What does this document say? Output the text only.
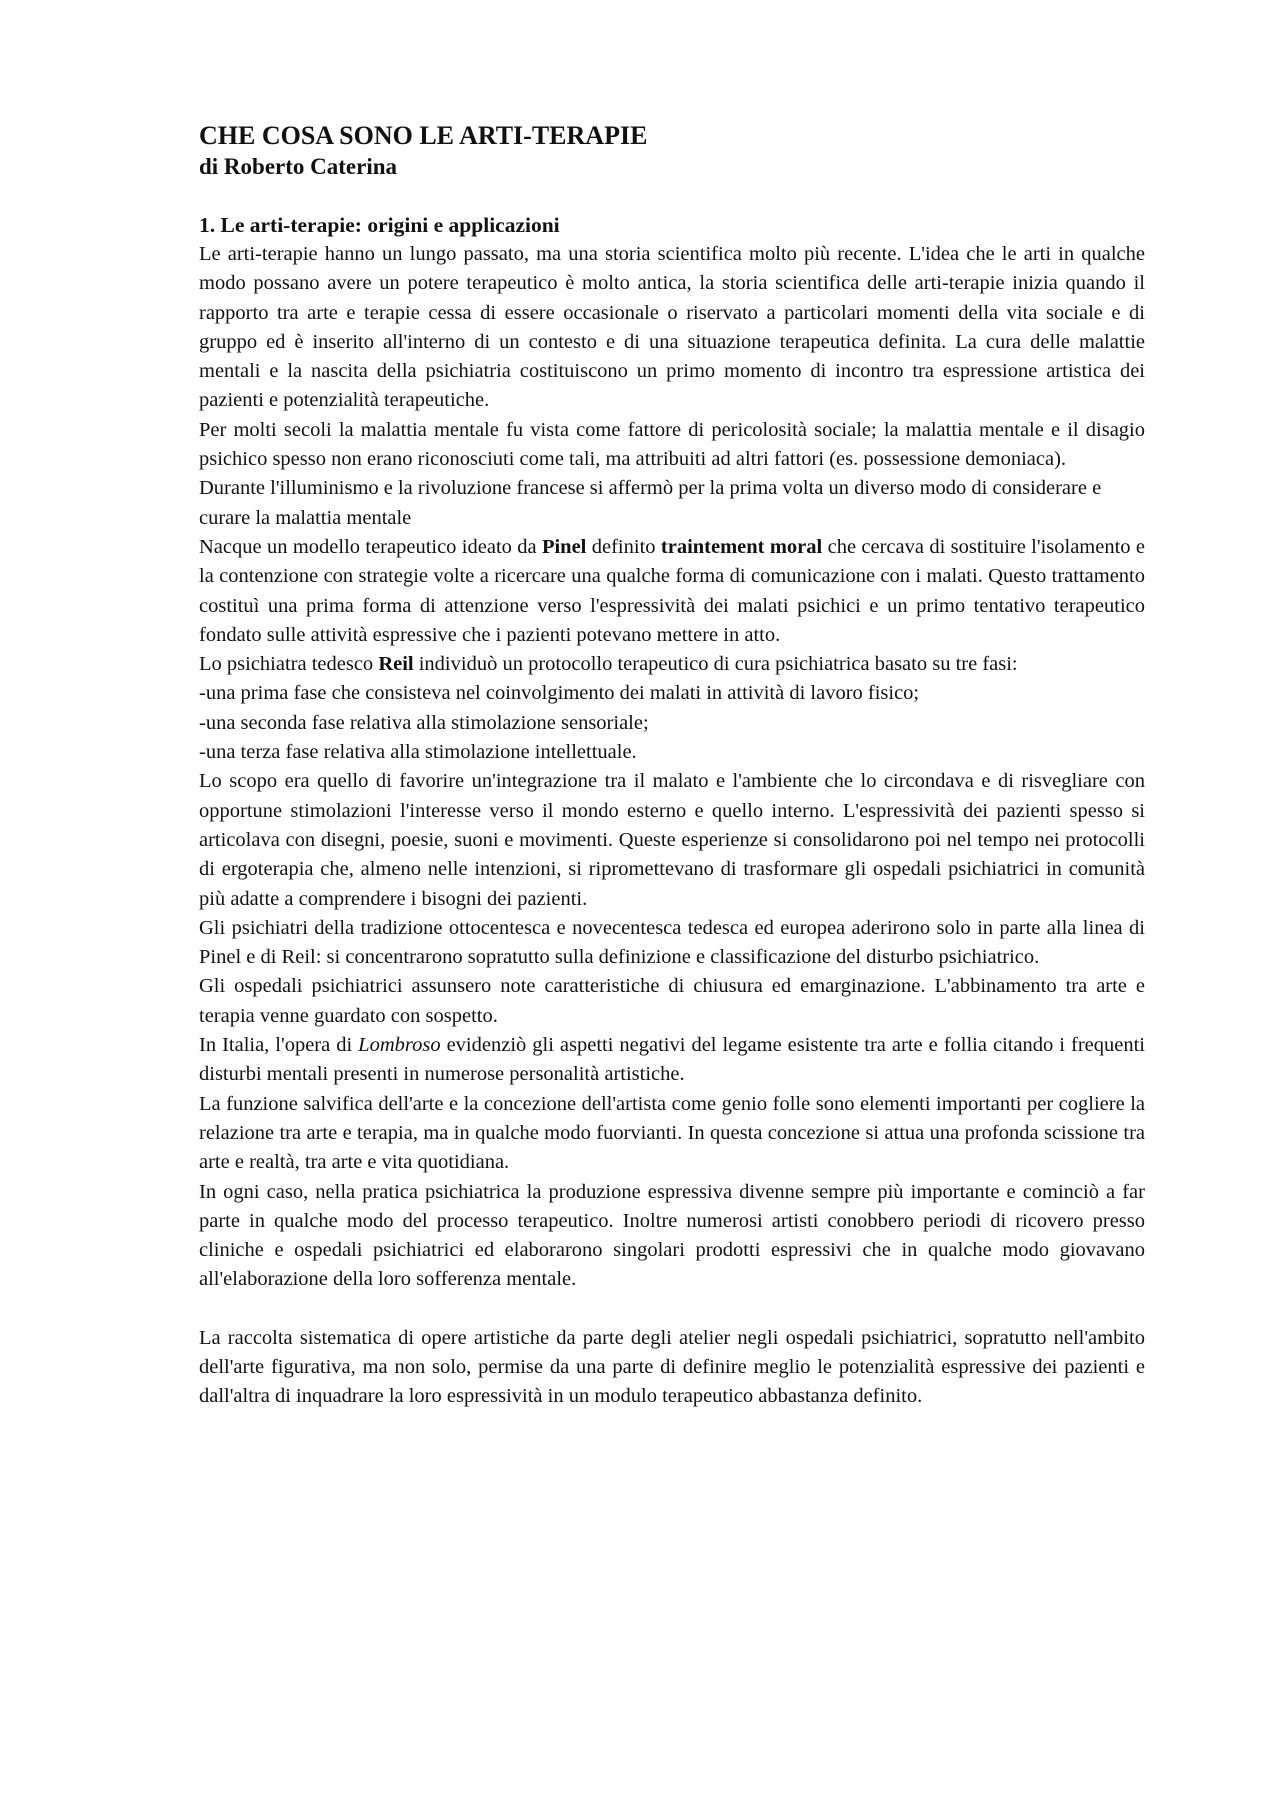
CHE COSA SONO LE ARTI-TERAPIE
di Roberto Caterina
1. Le arti-terapie: origini e applicazioni

Le arti-terapie hanno un lungo passato, ma una storia scientifica molto più recente. L'idea che le arti in qualche modo possano avere un potere terapeutico è molto antica, la storia scientifica delle arti-terapie inizia quando il rapporto tra arte e terapie cessa di essere occasionale o riservato a particolari momenti della vita sociale e di gruppo ed è inserito all'interno di un contesto e di una situazione terapeutica definita. La cura delle malattie mentali e la nascita della psichiatria costituiscono un primo momento di incontro tra espressione artistica dei pazienti e potenzialità terapeutiche.

Per molti secoli la malattia mentale fu vista come fattore di pericolosità sociale; la malattia mentale e il disagio psichico spesso non erano riconosciuti come tali, ma attribuiti ad altri fattori (es. possessione demoniaca).

Durante l'illuminismo e la rivoluzione francese si affermò per la prima volta un diverso modo di considerare e curare la malattia mentale

Nacque un modello terapeutico ideato da Pinel definito traintement moral che cercava di sostituire l'isolamento e la contenzione con strategie volte a ricercare una qualche forma di comunicazione con i malati. Questo trattamento costituì una prima forma di attenzione verso l'espressività dei malati psichici e un primo tentativo terapeutico fondato sulle attività espressive che i pazienti potevano mettere in atto.

Lo psichiatra tedesco Reil individuò un protocollo terapeutico di cura psichiatrica basato su tre fasi:

-una prima fase che consisteva nel coinvolgimento dei malati in attività di lavoro fisico;

-una seconda fase relativa alla stimolazione sensoriale;

-una terza fase relativa alla stimolazione intellettuale.

Lo scopo era quello di favorire un'integrazione tra il malato e l'ambiente che lo circondava e di risvegliare con opportune stimolazioni l'interesse verso il mondo esterno e quello interno. L'espressività dei pazienti spesso si articolava con disegni, poesie, suoni e movimenti. Queste esperienze si consolidarono poi nel tempo nei protocolli di ergoterapia che, almeno nelle intenzioni, si ripromettevano di trasformare gli ospedali psichiatrici in comunità più adatte a comprendere i bisogni dei pazienti.

Gli psichiatri della tradizione ottocentesca e novecentesca tedesca ed europea aderirono solo in parte alla linea di Pinel e di Reil: si concentrarono sopratutto sulla definizione e classificazione del disturbo psichiatrico.

Gli ospedali psichiatrici assunsero note caratteristiche di chiusura ed emarginazione. L'abbinamento tra arte e terapia venne guardato con sospetto.

In Italia, l'opera di Lombroso evidenziò gli aspetti negativi del legame esistente tra arte e follia citando i frequenti disturbi mentali presenti in numerose personalità artistiche.

La funzione salvifica dell'arte e la concezione dell'artista come genio folle sono elementi importanti per cogliere la relazione tra arte e terapia, ma in qualche modo fuorvianti. In questa concezione si attua una profonda scissione tra arte e realtà, tra arte e vita quotidiana.

In ogni caso, nella pratica psichiatrica la produzione espressiva divenne sempre più importante e cominciò a far parte in qualche modo del processo terapeutico. Inoltre numerosi artisti conobbero periodi di ricovero presso cliniche e ospedali psichiatrici ed elaborarono singolari prodotti espressivi che in qualche modo giovavano all'elaborazione della loro sofferenza mentale.

La raccolta sistematica di opere artistiche da parte degli atelier negli ospedali psichiatrici, sopratutto nell'ambito dell'arte figurativa, ma non solo, permise da una parte di definire meglio le potenzialità espressive dei pazienti e dall'altra di inquadrare la loro espressività in un modulo terapeutico abbastanza definito.
